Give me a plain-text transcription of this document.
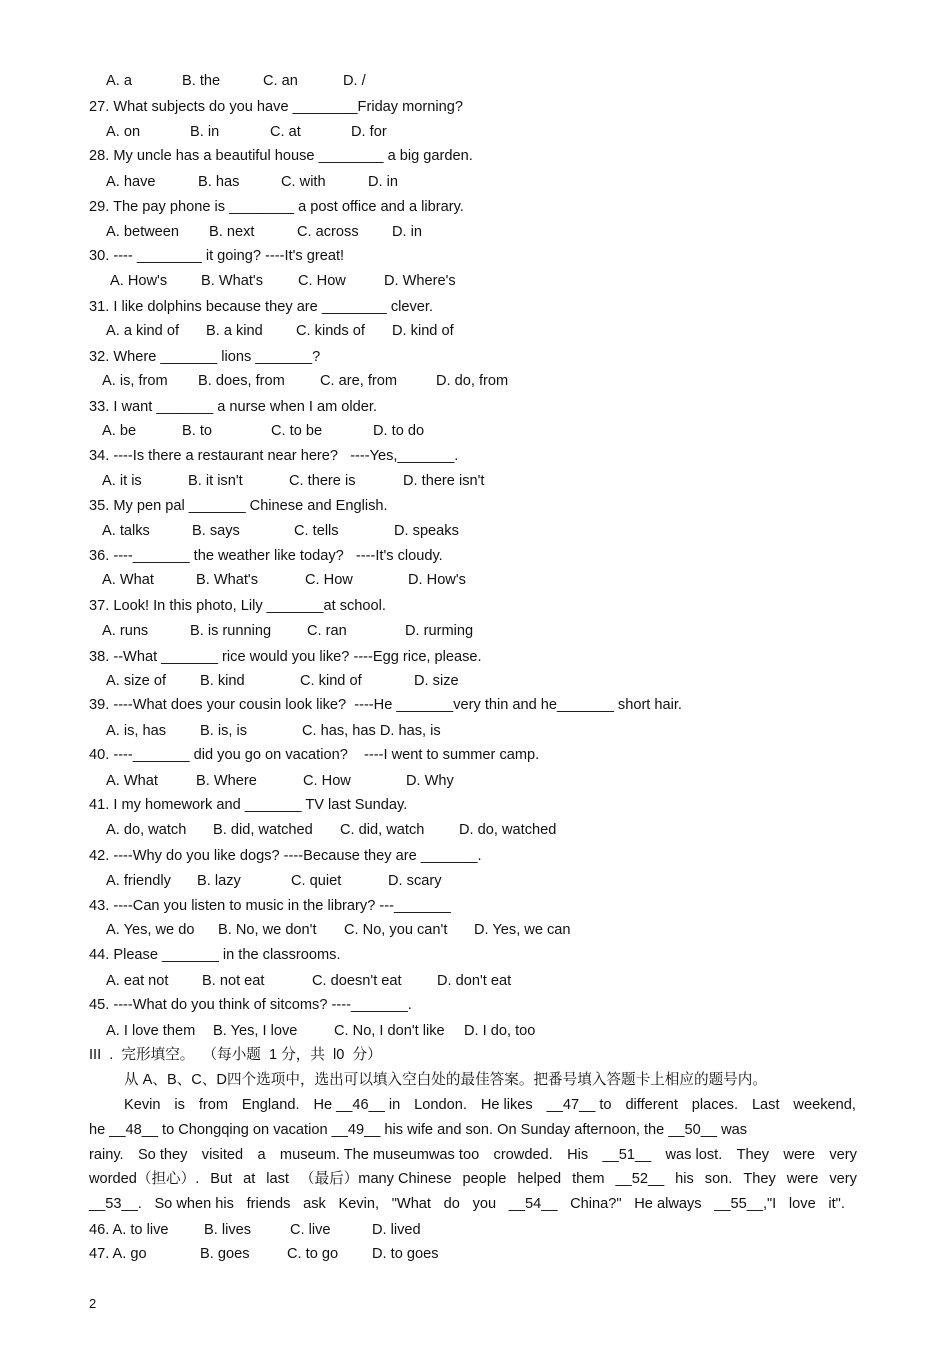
A. a

	B. the

	C. an

	D. /

27. What subjects do you have ________Friday morning?

A. on

	B. in

	C. at

	D. for

28. My uncle has a beautiful house ________ a big garden.

A. have

	B. has

	C. with

	D. in

29. The pay phone is ________ a post office and a library.

A. between

B. next

	C. across

D. in

30. ---- ________ it going? ----It's great!

A. How's

B. What's

C. How

	D. Where's

31. I like dolphins because they are ________ clever.

A. a kind of

B. a kind

C. kinds of

D. kind of

32. Where _______ lions _______?

A. is, from

B. does, from

C. are, from

	D. do, from

33. I want _______ a nurse when I am older.

A. be

	B. to

	C. to be

	D. to do

34. ----Is there a restaurant near here?   ----Yes,_______.

A. it is

	B. it isn't

	C. there is

	D. there isn't

35. My pen pal _______ Chinese and English.

A. talks

	B. says

	C. tells

	D. speaks

36. ----_______ the weather like today?   ----It's cloudy.

A. What

	B. What's

	C. How

	D. How's

37. Look! In this photo, Lily _______at school.

A. runs

	B. is running

C. ran

	D. rurming

38. --What _______ rice would you like? ----Egg rice, please.

A. size of

B. kind

	C. kind of

	D. size

39. ----What does your cousin look like?  ----He _______very thin and he_______ short hair.

A. is, has

B. is, is

	C. has, has D. has, is

40. ----_______ did you go on vacation?    ----I went to summer camp.

A. What

	B. Where

	C. How

	D. Why

41. I my homework and _______ TV last Sunday.

A. do, watch

B. did, watched

C. did, watch

D. do, watched

42. ----Why do you like dogs? ----Because they are _______.

A. friendly

B. lazy

	C. quiet

	D. scary

43. ----Can you listen to music in the library? ---_______

A. Yes, we do

B. No, we don't

C. No, you can't

D. Yes, we can

44. Please _______ in the classrooms.

A. eat not

B. not eat

	C. doesn't eat

D. don't eat

45. ----What do you think of sitcoms? ----_______.

A. I love them

B. Yes, I love

	C. No, I don't like

D. I do, too

III  .  完形填空。  （每小题  1 分，共  l0  分）
从 A、B、C、D四个选项中，选出可以填入空白处的最佳答案。把番号填入答题卡上相应的题号内。
Kevin is from England. He __46__ in London. He likes __47__ to different places. Last weekend,
he __48__ to Chongqing on vacation __49__ his wife and son. On Sunday afternoon, the __50__ was
rainy. So they visited a museum. The museumwas too crowded. His __51__ was lost. They were very
worded（担心）. But at last （最后）many Chinese people helped them __52__ his son. They were very
__53__. So when his friends ask Kevin, "What do you __54__ China?" He always __55__,"I love it".

46. A. to live

B. lives

	C. live

	D. lived

47. A. go

	B. goes

	C. to go

D. to goes

2
